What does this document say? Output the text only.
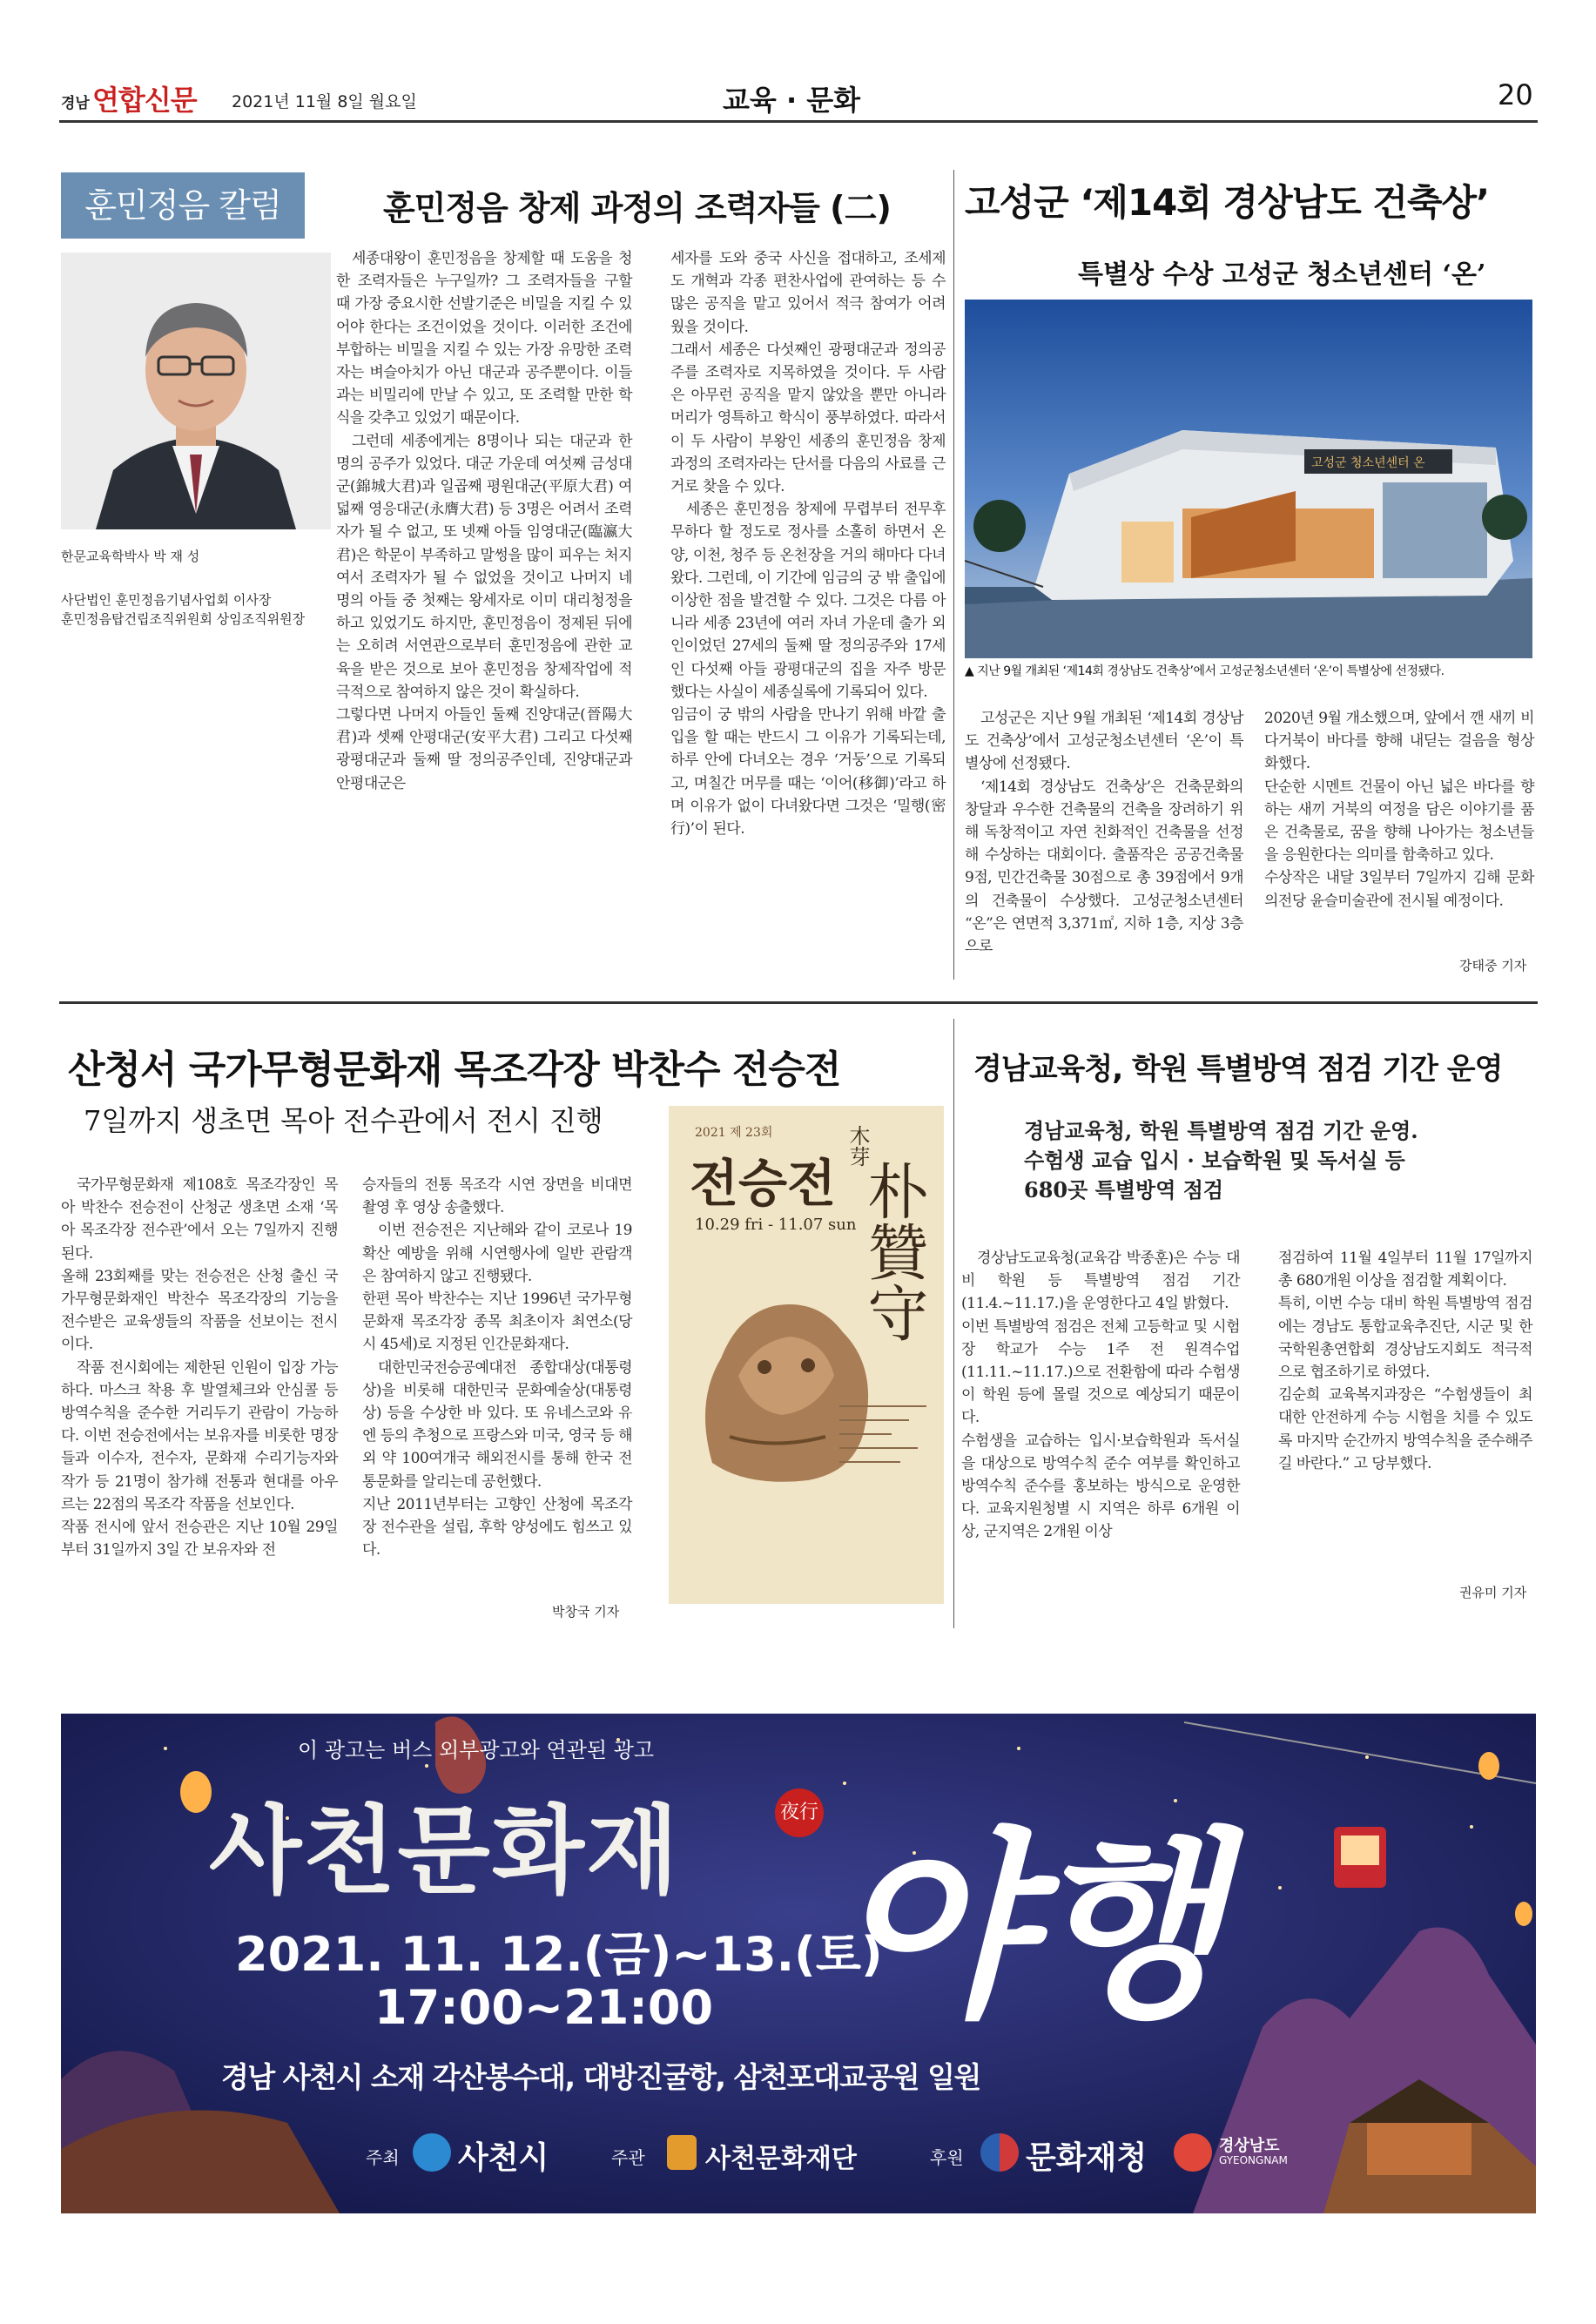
경남 연합신문 2021년 11월 8일 월요일	교육 · 문화	20
훈민정음 칼럼	훈민정음 창제 과정의 조력자들 (二)
한문교육학박사 박 재 성
사단법인 훈민정음기념사업회 이사장
훈민정음탑건립조직위원회 상임조직위원장

세종대왕이 훈민정음을 창제할 때 도움을 청한 조력자들은 누구일까? 그 조력자들을 구할 때 가장 중요시한 선발기준은 비밀을 지킬 수 있어야 한다는 조건이었을 것이다. 이러한 조건에 부합하는 비밀을 지킬 수 있는 가장 유망한 조력자는 벼슬아치가 아닌 대군과 공주뿐이다. 이들과는 비밀리에 만날 수 있고, 또 조력할 만한 학식을 갖추고 있었기 때문이다.

그런데 세종에게는 8명이나 되는 대군과 한 명의 공주가 있었다. 대군 가운데 여섯째 금성대군(錦城大君)과 일곱째 평원대군(平原大君) 여덟째 영응대군(永膺大君) 등 3명은 어려서 조력자가 될 수 없고, 또 넷째 아들 임영대군(臨瀛大君)은 학문이 부족하고 말썽을 많이 피우는 처지여서 조력자가 될 수 없었을 것이고 나머지 네 명의 아들 중 첫째는 왕세자로 이미 대리청정을 하고 있었기도 하지만, 훈민정음이 정제된 뒤에는 오히려 서연관으로부터 훈민정음에 관한 교육을 받은 것으로 보아 훈민정음 창제작업에 적극적으로 참여하지 않은 것이 확실하다.

그렇다면 나머지 아들인 둘째 진양대군(晉陽大君)과 셋째 안평대군(安平大君) 그리고 다섯째 광평대군과 둘째 딸 정의공주인데, 진양대군과 안평대군은

세자를 도와 중국 사신을 접대하고, 조세제도 개혁과 각종 편찬사업에 관여하는 등 수많은 공직을 맡고 있어서 적극 참여가 어려웠을 것이다.

그래서 세종은 다섯째인 광평대군과 정의공주를 조력자로 지목하였을 것이다. 두 사람은 아무런 공직을 맡지 않았을 뿐만 아니라 머리가 영특하고 학식이 풍부하였다. 따라서 이 두 사람이 부왕인 세종의 훈민정음 창제 과정의 조력자라는 단서를 다음의 사료를 근거로 찾을 수 있다.

세종은 훈민정음 창제에 무렵부터 전무후무하다 할 정도로 정사를 소홀히 하면서 온양, 이천, 청주 등 온천장을 거의 해마다 다녀왔다. 그런데, 이 기간에 임금의 궁 밖 출입에 이상한 점을 발견할 수 있다. 그것은 다름 아니라 세종 23년에 여러 자녀 가운데 출가 외인이었던 27세의 둘째 딸 정의공주와 17세인 다섯째 아들 광평대군의 집을 자주 방문했다는 사실이 세종실록에 기록되어 있다.

임금이 궁 밖의 사람을 만나기 위해 바깥 출입을 할 때는 반드시 그 이유가 기록되는데, 하루 안에 다녀오는 경우 ‘거둥’으로 기록되고, 며칠간 머무를 때는 ‘이어(移御)’라고 하며 이유가 없이 다녀왔다면 그것은 ‘밀행(密行)’이 된다.

고성군 ‘제14회 경상남도 건축상’
특별상 수상 고성군 청소년센터 ‘온’
고성군 청소년센터 온
▲ 지난 9월 개최된 ‘제14회 경상남도 건축상’에서 고성군청소년센터 ‘온’이 특별상에 선정됐다.

고성군은 지난 9월 개최된 ‘제14회 경상남도 건축상’에서 고성군청소년센터 ‘온’이 특별상에 선정됐다.

‘제14회 경상남도 건축상’은 건축문화의 창달과 우수한 건축물의 건축을 장려하기 위해 독창적이고 자연 친화적인 건축물을 선정해 수상하는 대회이다. 출품작은 공공건축물 9점, 민간건축물 30점으로 총 39점에서 9개의 건축물이 수상했다. 고성군청소년센터 “온”은 연면적 3,371㎡, 지하 1층, 지상 3층으로

2020년 9월 개소했으며, 앞에서 깬 새끼 비다거북이 바다를 향해 내딛는 걸음을 형상화했다.

단순한 시멘트 건물이 아닌 넓은 바다를 향하는 새끼 거북의 여정을 담은 이야기를 품은 건축물로, 꿈을 향해 나아가는 청소년들을 응원한다는 의미를 함축하고 있다.

수상작은 내달 3일부터 7일까지 김해 문화의전당 윤슬미술관에 전시될 예정이다.

강태중 기자
산청서 국가무형문화재 목조각장 박찬수 전승전
7일까지 생초면 목아 전수관에서 전시 진행

국가무형문화재 제108호 목조각장인 목아 박찬수 전승전이 산청군 생초면 소재 ‘목아 목조각장 전수관’에서 오는 7일까지 진행된다.

올해 23회째를 맞는 전승전은 산청 출신 국가무형문화재인 박찬수 목조각장의 기능을 전수받은 교육생들의 작품을 선보이는 전시이다.

작품 전시회에는 제한된 인원이 입장 가능하다. 마스크 착용 후 발열체크와 안심콜 등 방역수칙을 준수한 거리두기 관람이 가능하다. 이번 전승전에서는 보유자를 비롯한 명장들과 이수자, 전수자, 문화재 수리기능자와 작가 등 21명이 참가해 전통과 현대를 아우르는 22점의 목조각 작품을 선보인다.

작품 전시에 앞서 전승관은 지난 10월 29일부터 31일까지 3일 간 보유자와 전

승자들의 전통 목조각 시연 장면을 비대면 촬영 후 영상 송출했다.

이번 전승전은 지난해와 같이 코로나 19 확산 예방을 위해 시연행사에 일반 관람객은 참여하지 않고 진행됐다.

한편 목아 박찬수는 지난 1996년 국가무형문화재 목조각장 종목 최초이자 최연소(당시 45세)로 지정된 인간문화재다.

대한민국전승공예대전 종합대상(대통령상)을 비롯해 대한민국 문화예술상(대통령상) 등을 수상한 바 있다. 또 유네스코와 유엔 등의 추청으로 프랑스와 미국, 영국 등 해외 약 100여개국 해외전시를 통해 한국 전통문화를 알리는데 공헌했다.

지난 2011년부터는 고향인 산청에 목조각장 전수관을 설립, 후학 양성에도 힘쓰고 있다.

박창국 기자
2021 제 23회
전승전
10.29 fri - 11.07 sun
木芽
朴贊守
경남교육청, 학원 특별방역 점검 기간 운영
경남교육청, 학원 특별방역 점검 기간 운영.
수험생 교습 입시 · 보습학원 및 독서실 등
680곳 특별방역 점검

경상남도교육청(교육감 박종훈)은 수능 대비 학원 등 특별방역 점검 기간(11.4.~11.17.)을 운영한다고 4일 밝혔다.

이번 특별방역 점검은 전체 고등학교 및 시험장 학교가 수능 1주 전 원격수업(11.11.~11.17.)으로 전환함에 따라 수험생이 학원 등에 몰릴 것으로 예상되기 때문이다.

수험생을 교습하는 입시·보습학원과 독서실을 대상으로 방역수칙 준수 여부를 확인하고 방역수칙 준수를 홍보하는 방식으로 운영한다. 교육지원청별 시 지역은 하루 6개원 이상, 군지역은 2개원 이상

점검하여 11월 4일부터 11월 17일까지 총 680개원 이상을 점검할 계획이다.

특히, 이번 수능 대비 학원 특별방역 점검에는 경남도 통합교육추진단, 시군 및 한국학원총연합회 경상남도지회도 적극적으로 협조하기로 하였다.

김순희 교육복지과장은 “수험생들이 최대한 안전하게 수능 시험을 치를 수 있도록 마지막 순간까지 방역수칙을 준수해주길 바란다.” 고 당부했다.

권유미 기자
이 광고는 버스 외부광고와 연관된 광고
사천문화재	夜行 야행
2021. 11. 12.(금)~13.(토)
17:00~21:00
경남 사천시 소재 각산봉수대, 대방진굴항, 삼천포대교공원 일원
주최 사천시	주관 사천문화재단	후원 문화재청	경상남도
GYEONGNAM
